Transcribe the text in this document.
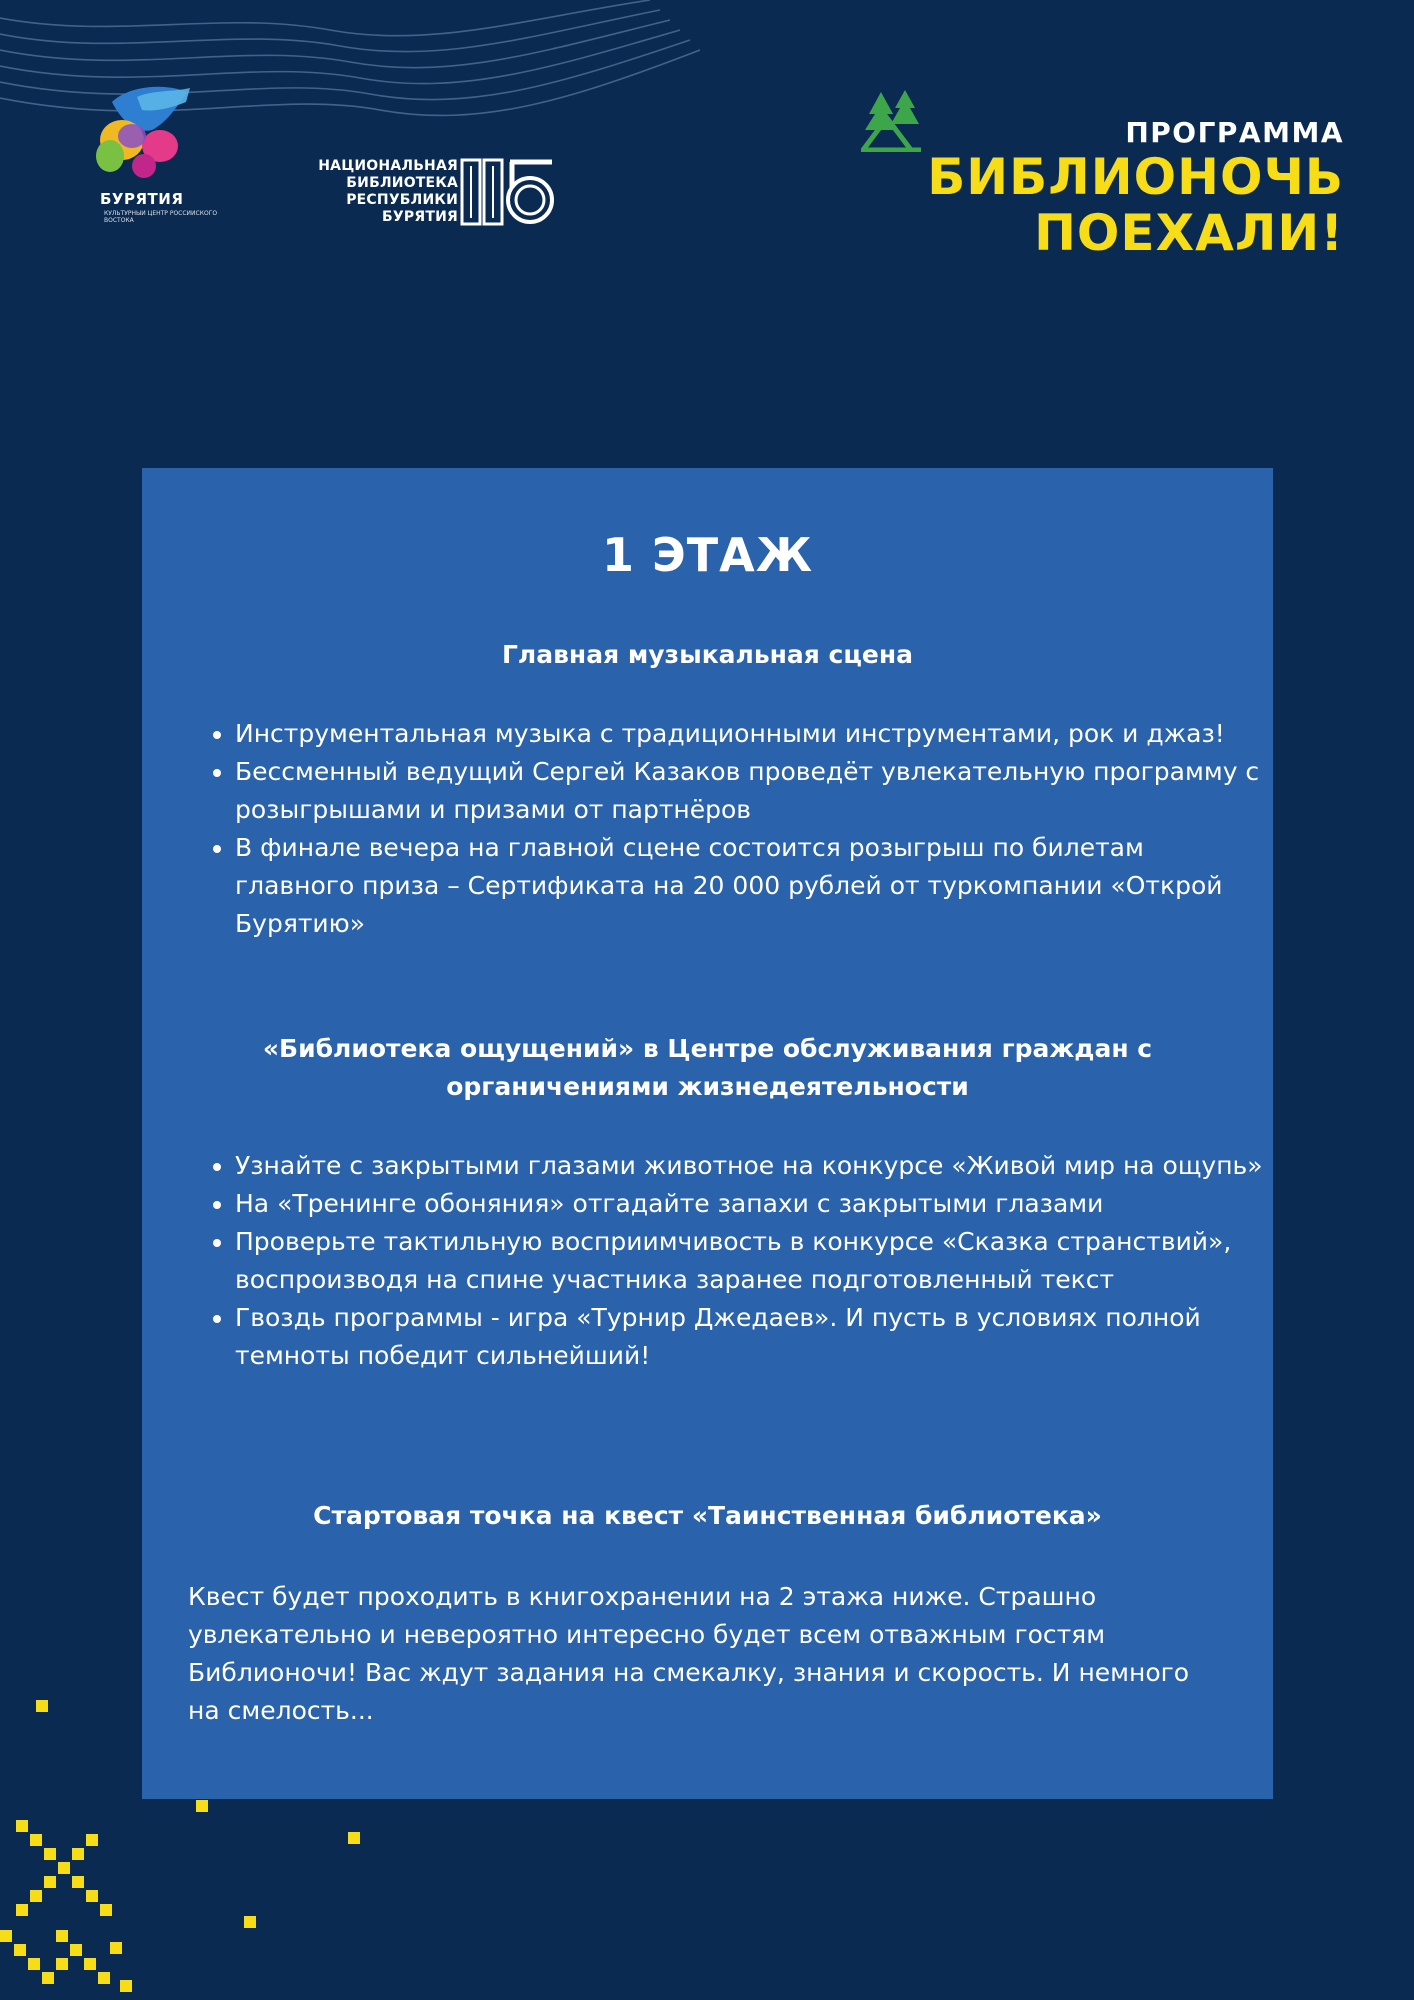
БУРЯТИЯ
КУЛЬТУРНЫЙ ЦЕНТР РОССИЙСКОГО ВОСТОКА
НАЦИОНАЛЬНАЯ
БИБЛИОТЕКА
РЕСПУБЛИКИ
БУРЯТИЯ
ПРОГРАММА
БИБЛИОНОЧЬ
ПОЕХАЛИ!
1 ЭТАЖ
Главная музыкальная сцена
• Инструментальная музыка с традиционными инструментами, рок и джаз!
• Бессменный ведущий Сергей Казаков проведёт увлекательную программу с розыгрышами и призами от партнёров
• В финале вечера на главной сцене состоится розыгрыш по билетам главного приза – Сертификата на 20 000 рублей от туркомпании «Открой Бурятию»
«Библиотека ощущений» в Центре обслуживания граждан с
органичениями жизнедеятельности
• Узнайте с закрытыми глазами животное на конкурсе «Живой мир на ощупь»
• На «Тренинге обоняния» отгадайте запахи с закрытыми глазами
• Проверьте тактильную восприимчивость в конкурсе «Сказка странствий», воспроизводя на спине участника заранее подготовленный текст
• Гвоздь программы - игра «Турнир Джедаев». И пусть в условиях полной темноты победит сильнейший!
Стартовая точка на квест «Таинственная библиотека»
Квест будет проходить в книгохранении на 2 этажа ниже. Страшно увлекательно и невероятно интересно будет всем отважным гостям Библионочи! Вас ждут задания на смекалку, знания и скорость. И немного на смелость...
